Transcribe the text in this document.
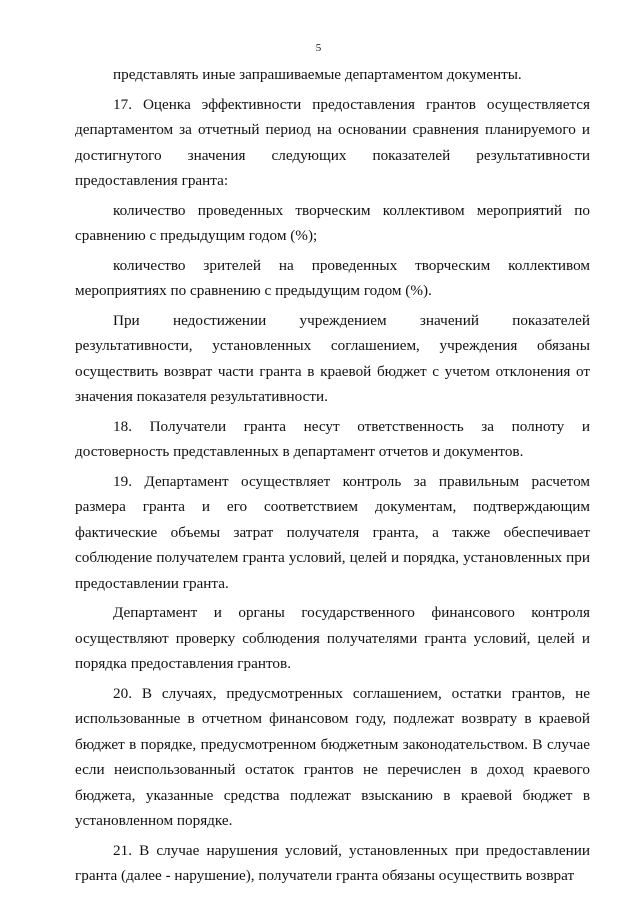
5

представлять иные запрашиваемые департаментом документы.

17. Оценка эффективности предоставления грантов осуществляется департаментом за отчетный период на основании сравнения планируемого и достигнутого значения следующих показателей результативности предоставления гранта:

количество проведенных творческим коллективом мероприятий по сравнению с предыдущим годом (%);

количество зрителей на проведенных творческим коллективом мероприятиях по сравнению с предыдущим годом (%).

При недостижении учреждением значений показателей результативности, установленных соглашением, учреждения обязаны осуществить возврат части гранта в краевой бюджет с учетом отклонения от значения показателя результативности.

18. Получатели гранта несут ответственность за полноту и достоверность представленных в департамент отчетов и документов.

19. Департамент осуществляет контроль за правильным расчетом размера гранта и его соответствием документам, подтверждающим фактические объемы затрат получателя гранта, а также обеспечивает соблюдение получателем гранта условий, целей и порядка, установленных при предоставлении гранта.

Департамент и органы государственного финансового контроля осуществляют проверку соблюдения получателями гранта условий, целей и порядка предоставления грантов.

20. В случаях, предусмотренных соглашением, остатки грантов, не использованные в отчетном финансовом году, подлежат возврату в краевой бюджет в порядке, предусмотренном бюджетным законодательством. В случае если неиспользованный остаток грантов не перечислен в доход краевого бюджета, указанные средства подлежат взысканию в краевой бюджет в установленном порядке.

21. В случае нарушения условий, установленных при предоставлении гранта (далее - нарушение), получатели гранта обязаны осуществить возврат
